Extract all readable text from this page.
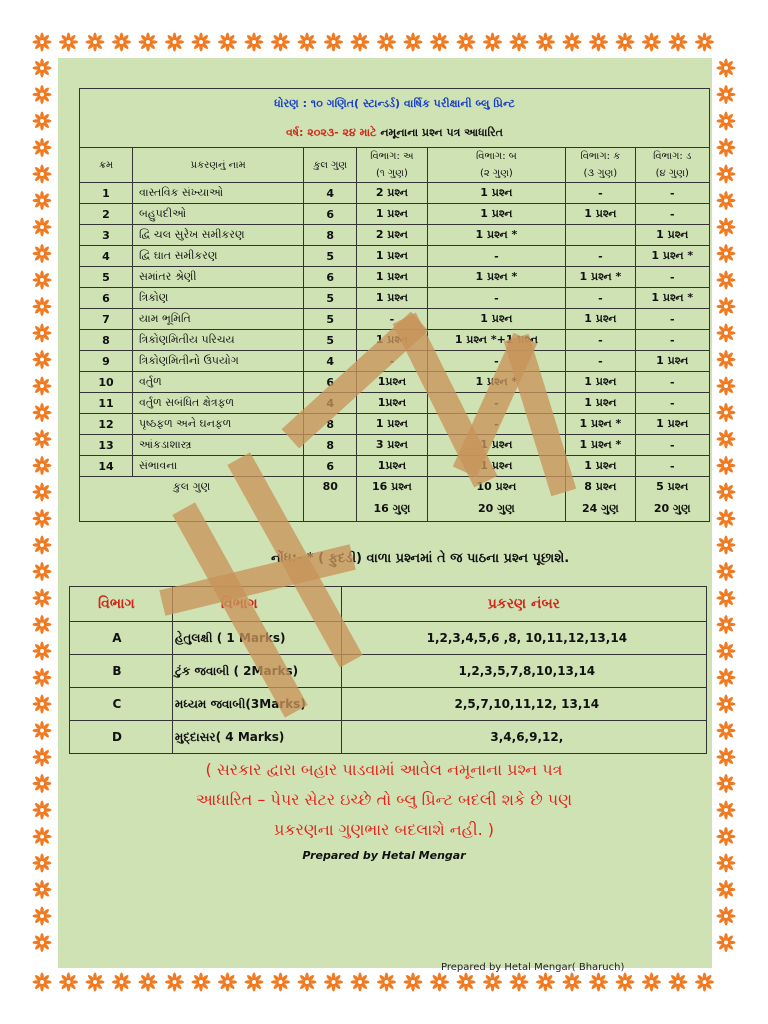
ધોરણ : ૧૦ ગણિત( સ્ટાન્ડર્ડ) વાર્ષિક પરીક્ષાની બ્લુ પ્રિન્ટ						
વર્ષ: ૨૦૨૩- ૨૪ માટે નમૂનાના પ્રશ્ન પત્ર આધારિત						
ક્રમ	પ્રકરણનું નામ	કુલ ગુણ	વિભાગ: અ	વિભાગ: બ	વિભાગ: ક	વિભાગ: ડ
			(૧ ગુણ)	(૨ ગુણ)	(૩ ગુણ)	(૪ ગુણ)
1	વાસ્તવિક સંખ્યાઓ	4	2 પ્રશ્ન	1 પ્રશ્ન	-	-
2	બહુપદીઓ	6	1 પ્રશ્ન	1 પ્રશ્ન	1 પ્રશ્ન	-
3	દ્વિ ચલ સુરેખ સમીકરણ	8	2 પ્રશ્ન	1 પ્રશ્ન *		1 પ્રશ્ન
4	દ્વિ ઘાત સમીકરણ	5	1 પ્રશ્ન	-	-	1 પ્રશ્ન *
5	સમાંતર શ્રેણી	6	1 પ્રશ્ન	1 પ્રશ્ન *	1 પ્રશ્ન *	-
6	ત્રિકોણ	5	1 પ્રશ્ન	-	-	1 પ્રશ્ન *
7	યામ ભૂમિતિ	5	-	1 પ્રશ્ન	1 પ્રશ્ન	-
8	ત્રિકોણમિતીય પરિચય	5	1 પ્રશ્ન	1 પ્રશ્ન *+1 પ્રશ્ન	-	-
9	ત્રિકોણમિતીનો ઉપયોગ	4	-	-	-	1 પ્રશ્ન
10	વર્તુળ	6	1પ્રશ્ન	1 પ્રશ્ન *	1 પ્રશ્ન	-
11	વર્તુળ સબંધિત ક્ષેત્રફળ	4	1પ્રશ્ન	-	1 પ્રશ્ન	-
12	પૃષ્ઠફળ અને ઘનફળ	8	1 પ્રશ્ન	-	1 પ્રશ્ન *	1 પ્રશ્ન
13	આંકડાશાસ્ત્ર	8	3 પ્રશ્ન	1 પ્રશ્ન	1 પ્રશ્ન *	-
14	સંભાવના	6	1પ્રશ્ન	1 પ્રશ્ન	1 પ્રશ્ન	-
કુલ ગુણ		80	16 પ્રશ્ન	10 પ્રશ્ન	8 પ્રશ્ન	5 પ્રશ્ન
			16 ગુણ	20 ગુણ	24 ગુણ	20 ગુણ
નોંધ:- * ( ફુદડી) વાળા પ્રશ્નમાં તે જ પાઠના પ્રશ્ન પૂછાશે.
વિભાગ	વિભાગ	પ્રકરણ નંબર
A	હેતુલક્ષી ( 1 Marks)	1,2,3,4,5,6 ,8, 10,11,12,13,14
B	ટુંક જવાબી ( 2Marks)	1,2,3,5,7,8,10,13,14
C	મધ્યમ જવાબી(3Marks)	2,5,7,10,11,12, 13,14
D	મુદ્દાસર( 4 Marks)	3,4,6,9,12,
( સરકાર દ્વારા બહાર પાડવામાં આવેલ નમૂનાના પ્રશ્ન પત્ર
આધારિત – પેપર સેટર ઇચ્છે તો બ્લુ પ્રિન્ટ બદલી શકે છે પણ
પ્રકરણના ગુણભાર બદલાશે નહી. )
Prepared by Hetal Mengar
Prepared by Hetal Mengar( Bharuch)
